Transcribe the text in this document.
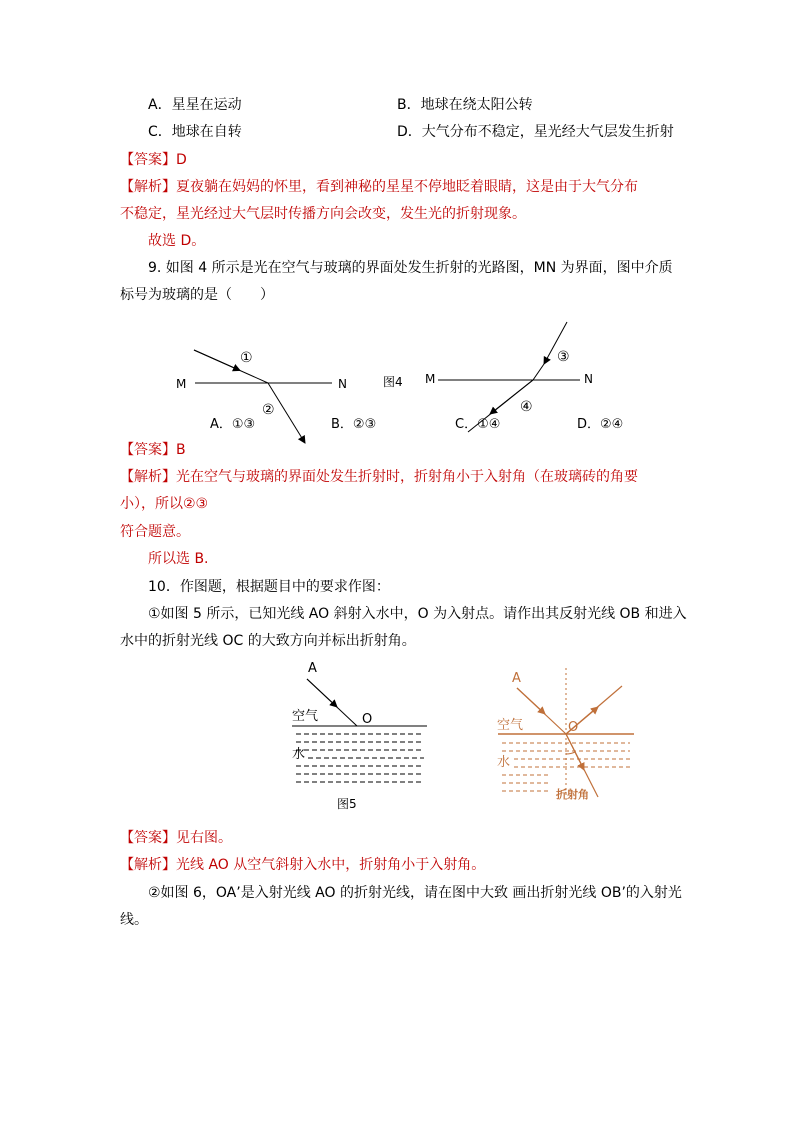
A．星星在运动	B．地球在绕太阳公转
C．地球在自转	D．大气分布不稳定，星光经大气层发生折射
【答案】D
【解析】夏夜躺在妈妈的怀里，看到神秘的星星不停地眨着眼睛，这是由于大气分布
不稳定，星光经过大气层时传播方向会改变，发生光的折射现象。
故选 D。
9. 如图 4 所示是光在空气与玻璃的界面处发生折射的光路图，MN 为界面，图中介质
标号为玻璃的是（　　）
M	N
①
②
图4 M	N
③
④
A．①③	B．②③	C．①④	D．②④
A
O
空气
水
图5
A
O
空气
水
折射角
【答案】B
【解析】光在空气与玻璃的界面处发生折射时，折射角小于入射角（在玻璃砖的角要
小），所以②③
符合题意。
所以选 B.
10．作图题，根据题目中的要求作图：
①如图 5 所示，已知光线 AO 斜射入水中，O 为入射点。请作出其反射光线 OB 和进入
水中的折射光线 OC 的大致方向并标出折射角。
【答案】见右图。
【解析】光线 AO 从空气斜射入水中，折射角小于入射角。
②如图 6，OA’是入射光线 AO 的折射光线，请在图中大致 画出折射光线 OB’的入射光
线。
